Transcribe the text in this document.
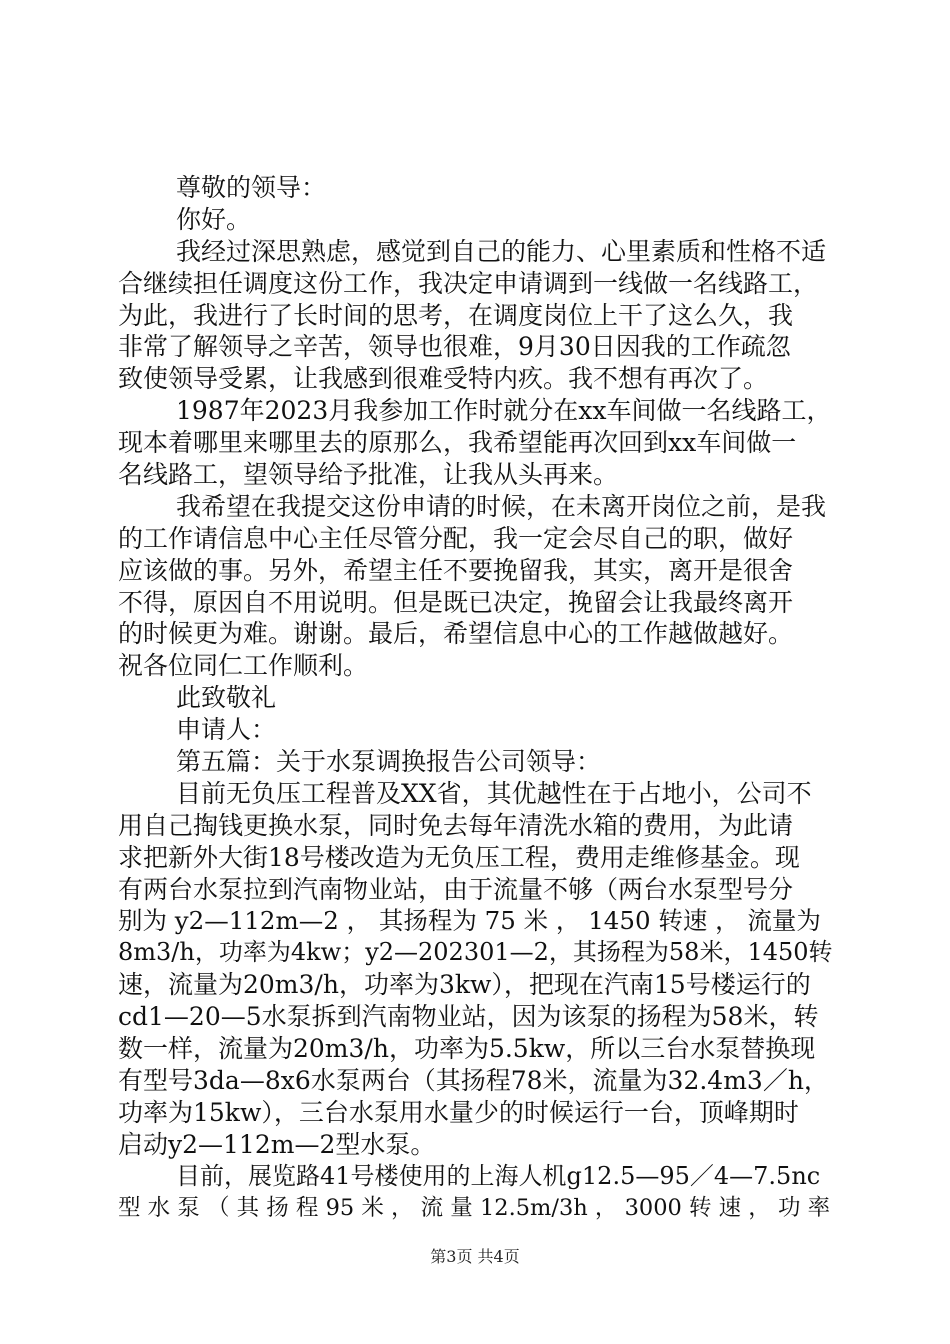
尊敬的领导：
你好。
我经过深思熟虑，感觉到自己的能力、心里素质和性格不适
合继续担任调度这份工作，我决定申请调到一线做一名线路工，
为此，我进行了长时间的思考，在调度岗位上干了这么久，我
非常了解领导之辛苦，领导也很难，9月30日因我的工作疏忽
致使领导受累，让我感到很难受特内疚。我不想有再次了。
1987年2023月我参加工作时就分在xx车间做一名线路工，
现本着哪里来哪里去的原那么，我希望能再次回到xx车间做一
名线路工，望领导给予批准，让我从头再来。
我希望在我提交这份申请的时候，在未离开岗位之前，是我
的工作请信息中心主任尽管分配，我一定会尽自己的职，做好
应该做的事。另外，希望主任不要挽留我，其实，离开是很舍
不得，原因自不用说明。但是既已决定，挽留会让我最终离开
的时候更为难。谢谢。最后，希望信息中心的工作越做越好。
祝各位同仁工作顺利。
此致敬礼
申请人：
第五篇：关于水泵调换报告公司领导：
目前无负压工程普及XX省，其优越性在于占地小，公司不
用自己掏钱更换水泵，同时免去每年清洗水箱的费用，为此请
求把新外大街18号楼改造为无负压工程，费用走维修基金。现
有两台水泵拉到汽南物业站，由于流量不够（两台水泵型号分
别为 y2—112m—2 ， 其扬程为 75 米 ， 1450 转速 ， 流量为
8m3/h，功率为4kw；y2—202301—2，其扬程为58米，1450转
速，流量为20m3/h，功率为3kw），把现在汽南15号楼运行的
cd1—20—5水泵拆到汽南物业站，因为该泵的扬程为58米，转
数一样，流量为20m3/h，功率为5.5kw，所以三台水泵替换现
有型号3da—8x6水泵两台（其扬程78米，流量为32.4m3／h，
功率为15kw），三台水泵用水量少的时候运行一台，顶峰期时
启动y2—112m—2型水泵。
目前，展览路41号楼使用的上海人机g12.5—95／4—7.5nc
型 水 泵 （ 其 扬 程 95 米 ， 流 量 12.5m/3h ， 3000 转 速 ， 功 率
第3页 共4页
